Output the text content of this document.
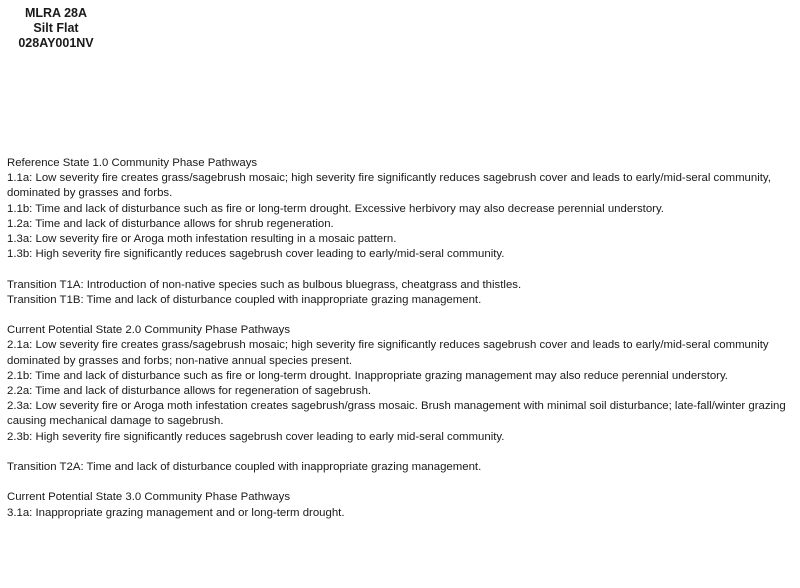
MLRA 28A
Silt Flat
028AY001NV

Reference State 1.0 Community Phase Pathways

1.1a: Low severity fire creates grass/sagebrush mosaic; high severity fire significantly reduces sagebrush cover and leads to early/mid-seral community, dominated by grasses and forbs.

1.1b: Time and lack of disturbance such as fire or long-term drought. Excessive herbivory may also decrease perennial understory.

1.2a: Time and lack of disturbance allows for shrub regeneration.

1.3a: Low severity fire or Aroga moth infestation resulting in a mosaic pattern.

1.3b: High severity fire significantly reduces sagebrush cover leading to early/mid-seral community.

Transition T1A: Introduction of non-native species such as bulbous bluegrass, cheatgrass and thistles.

Transition T1B: Time and lack of disturbance coupled with inappropriate grazing management.

Current Potential State 2.0 Community Phase Pathways

2.1a: Low severity fire creates grass/sagebrush mosaic; high severity fire significantly reduces sagebrush cover and leads to early/mid-seral community dominated by grasses and forbs; non-native annual species present.

2.1b: Time and lack of disturbance such as fire or long-term drought. Inappropriate grazing management may also reduce perennial understory.

2.2a: Time and lack of disturbance allows for regeneration of sagebrush.

2.3a: Low severity fire or Aroga moth infestation creates sagebrush/grass mosaic. Brush management with minimal soil disturbance; late-fall/winter grazing causing mechanical damage to sagebrush.

2.3b: High severity fire significantly reduces sagebrush cover leading to early mid-seral community.

Transition T2A: Time and lack of disturbance coupled with inappropriate grazing management.

Current Potential State 3.0 Community Phase Pathways

3.1a: Inappropriate grazing management and or long-term drought.
